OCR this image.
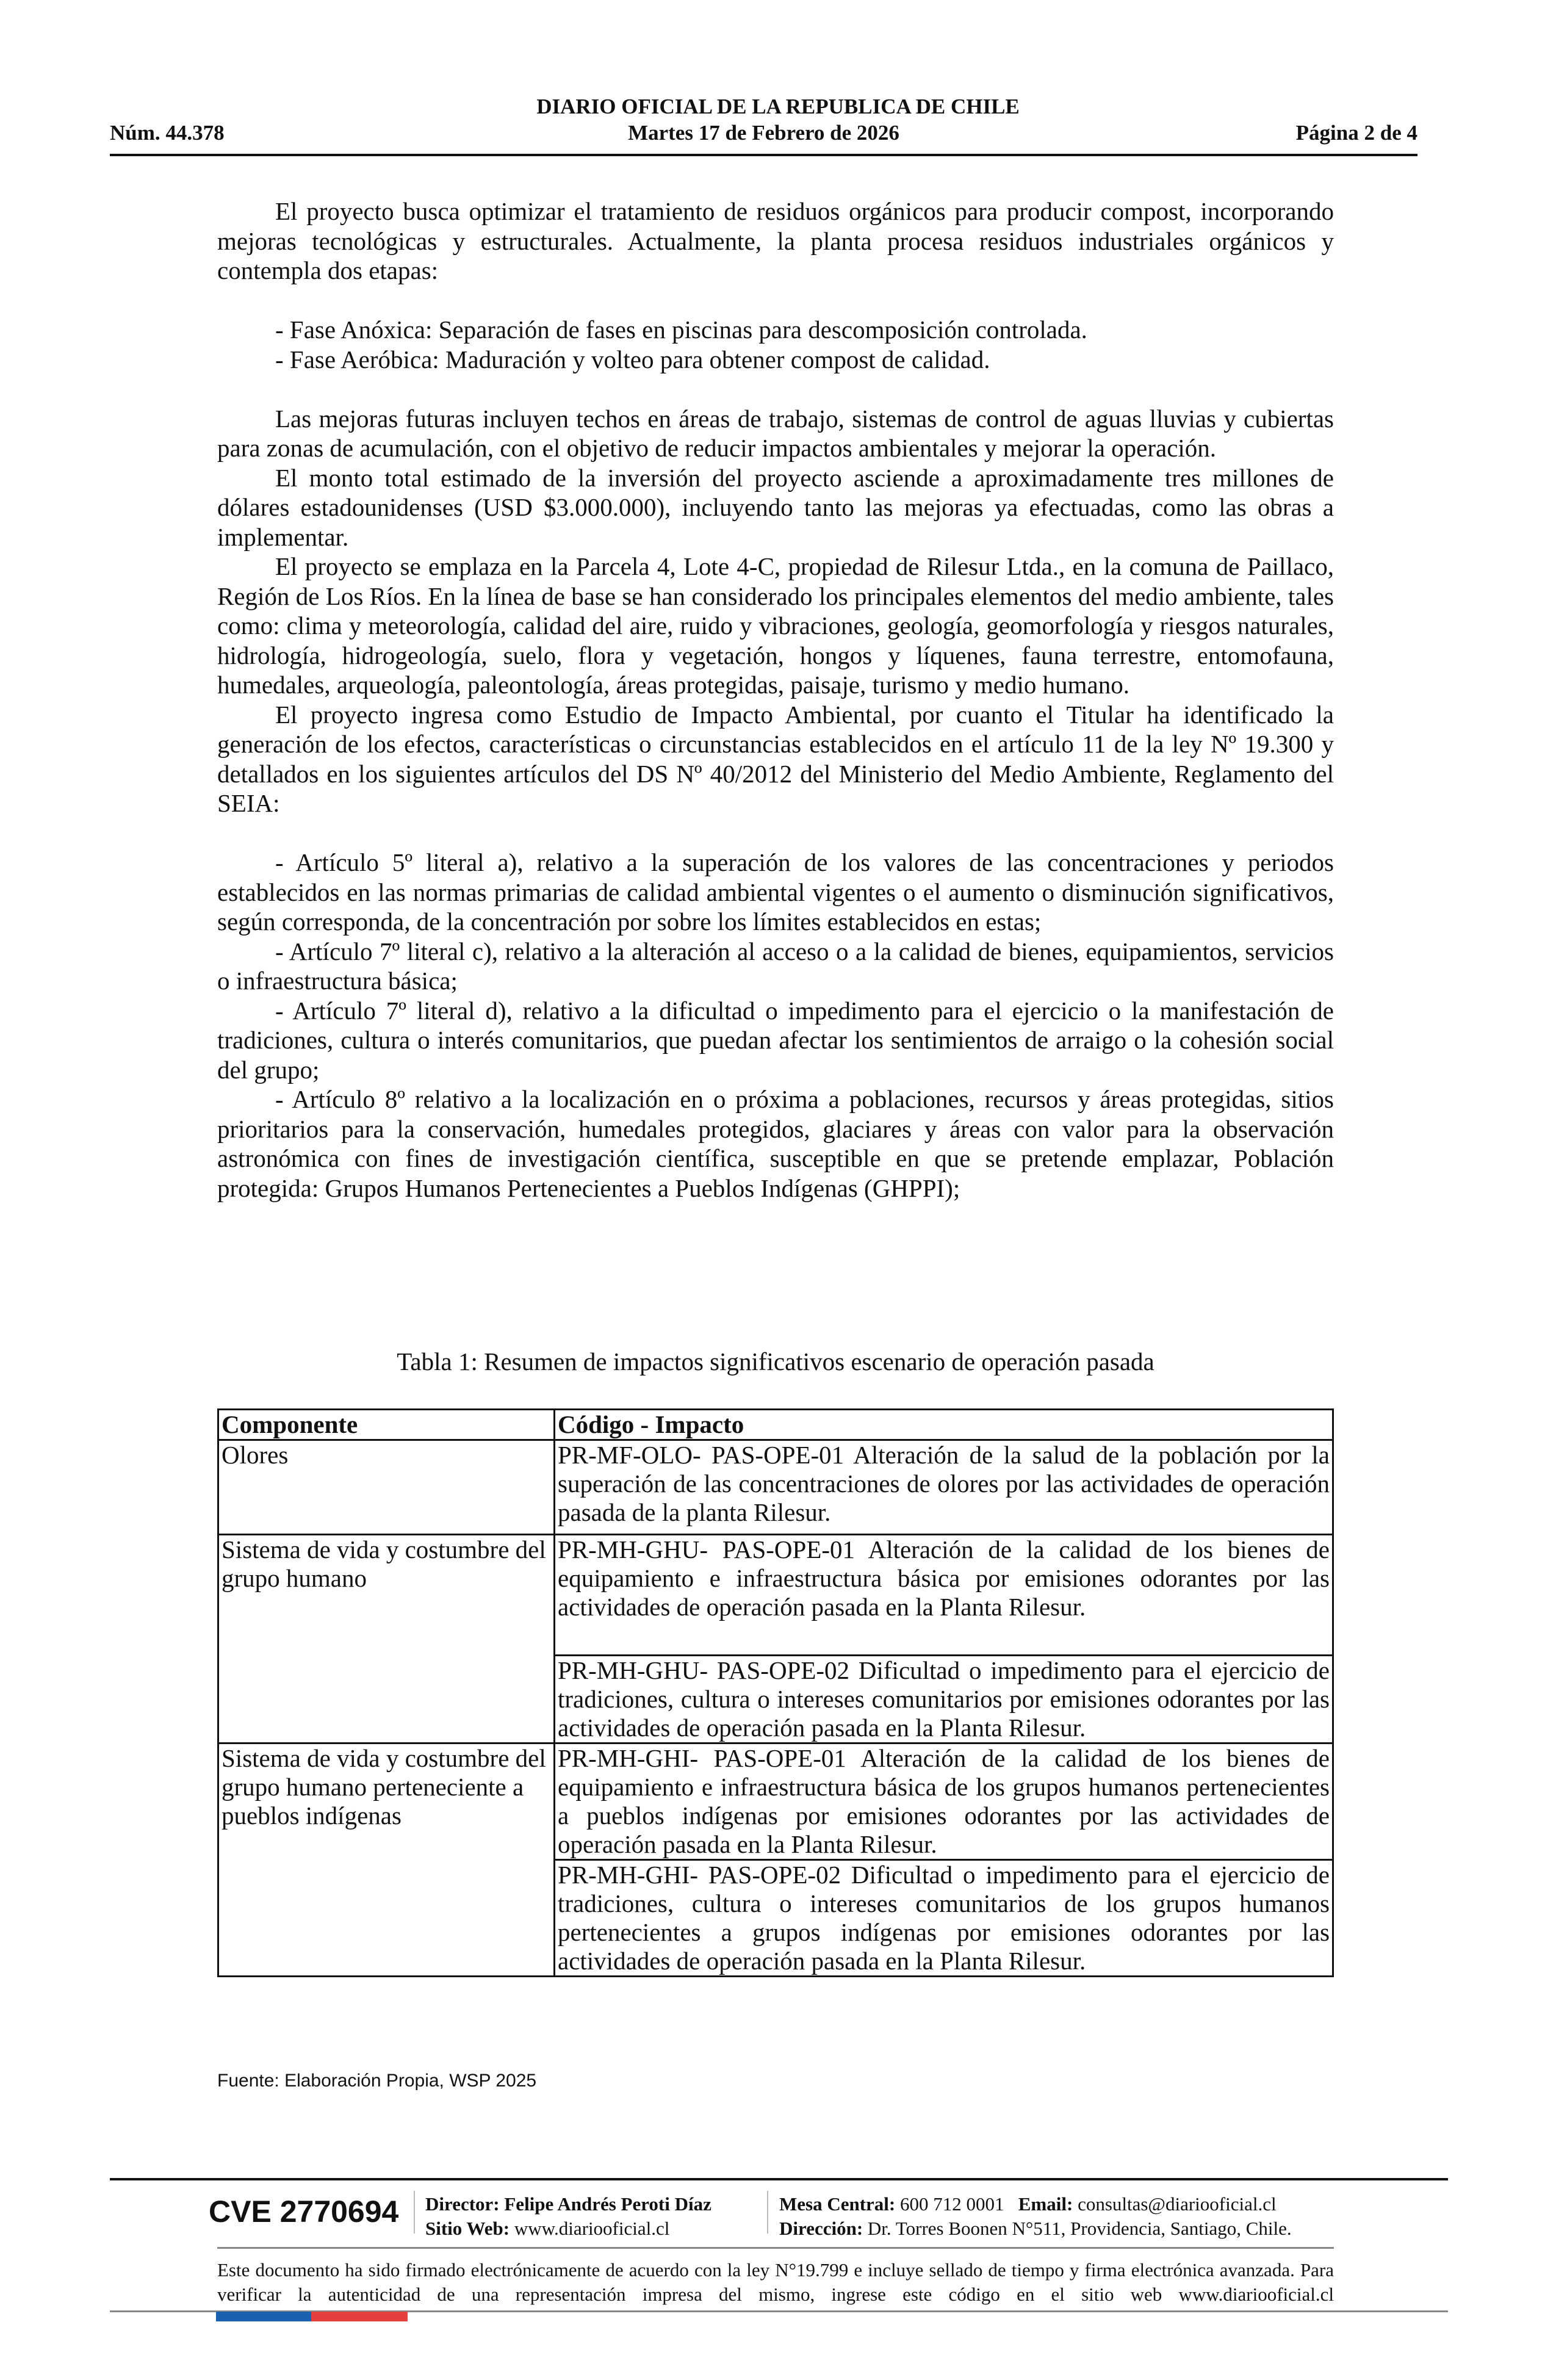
DIARIO OFICIAL DE LA REPUBLICA DE CHILE
Núm. 44.378	Martes 17 de Febrero de 2026	Página 2 de 4

El proyecto busca optimizar el tratamiento de residuos orgánicos para producir compost, incorporando mejoras tecnológicas y estructurales. Actualmente, la planta procesa residuos industriales orgánicos y contempla dos etapas:

- Fase Anóxica: Separación de fases en piscinas para descomposición controlada.

- Fase Aeróbica: Maduración y volteo para obtener compost de calidad.

Las mejoras futuras incluyen techos en áreas de trabajo, sistemas de control de aguas lluvias y cubiertas para zonas de acumulación, con el objetivo de reducir impactos ambientales y mejorar la operación.

El monto total estimado de la inversión del proyecto asciende a aproximadamente tres millones de dólares estadounidenses (USD $3.000.000), incluyendo tanto las mejoras ya efectuadas, como las obras a implementar.

El proyecto se emplaza en la Parcela 4, Lote 4-C, propiedad de Rilesur Ltda., en la comuna de Paillaco, Región de Los Ríos. En la línea de base se han considerado los principales elementos del medio ambiente, tales como: clima y meteorología, calidad del aire, ruido y vibraciones, geología, geomorfología y riesgos naturales, hidrología, hidrogeología, suelo, flora y vegetación, hongos y líquenes, fauna terrestre, entomofauna, humedales, arqueología, paleontología, áreas protegidas, paisaje, turismo y medio humano.

El proyecto ingresa como Estudio de Impacto Ambiental, por cuanto el Titular ha identificado la generación de los efectos, características o circunstancias establecidos en el artículo 11 de la ley Nº 19.300 y detallados en los siguientes artículos del DS Nº 40/2012 del Ministerio del Medio Ambiente, Reglamento del SEIA:

- Artículo 5º literal a), relativo a la superación de los valores de las concentraciones y periodos establecidos en las normas primarias de calidad ambiental vigentes o el aumento o disminución significativos, según corresponda, de la concentración por sobre los límites establecidos en estas;

- Artículo 7º literal c), relativo a la alteración al acceso o a la calidad de bienes, equipamientos, servicios o infraestructura básica;

- Artículo 7º literal d), relativo a la dificultad o impedimento para el ejercicio o la manifestación de tradiciones, cultura o interés comunitarios, que puedan afectar los sentimientos de arraigo o la cohesión social del grupo;

- Artículo 8º relativo a la localización en o próxima a poblaciones, recursos y áreas protegidas, sitios prioritarios para la conservación, humedales protegidos, glaciares y áreas con valor para la observación astronómica con fines de investigación científica, susceptible en que se pretende emplazar, Población protegida: Grupos Humanos Pertenecientes a Pueblos Indígenas (GHPPI);

Tabla 1: Resumen de impactos significativos escenario de operación pasada
Componente	Código - Impacto
Olores	PR-MF-OLO- PAS-OPE-01 Alteración de la salud de la población por la superación de las concentraciones de olores por las actividades de operación pasada de la planta Rilesur.
Sistema de vida y costumbre del grupo humano	PR-MH-GHU- PAS-OPE-01 Alteración de la calidad de los bienes de equipamiento e infraestructura básica por emisiones odorantes por las actividades de operación pasada en la Planta Rilesur.
	PR-MH-GHU- PAS-OPE-02 Dificultad o impedimento para el ejercicio de tradiciones, cultura o intereses comunitarios por emisiones odorantes por las actividades de operación pasada en la Planta Rilesur.
Sistema de vida y costumbre del grupo humano perteneciente a pueblos indígenas	PR-MH-GHI- PAS-OPE-01 Alteración de la calidad de los bienes de equipamiento e infraestructura básica de los grupos humanos pertenecientes a pueblos indígenas por emisiones odorantes por las actividades de operación pasada en la Planta Rilesur.
	PR-MH-GHI- PAS-OPE-02 Dificultad o impedimento para el ejercicio de tradiciones, cultura o intereses comunitarios de los grupos humanos pertenecientes a grupos indígenas por emisiones odorantes por las actividades de operación pasada en la Planta Rilesur.
Fuente: Elaboración Propia, WSP 2025
CVE 2770694 Director: Felipe Andrés Peroti Díaz
Sitio Web: www.diariooficial.cl
Mesa Central: 600 712 0001 Email: consultas@diariooficial.cl
Dirección: Dr. Torres Boonen N°511, Providencia, Santiago, Chile.
Este documento ha sido firmado electrónicamente de acuerdo con la ley N°19.799 e incluye sellado de tiempo y firma electrónica avanzada. Para verificar la autenticidad de una representación impresa del mismo, ingrese este código en el sitio web www.diariooficial.cl
